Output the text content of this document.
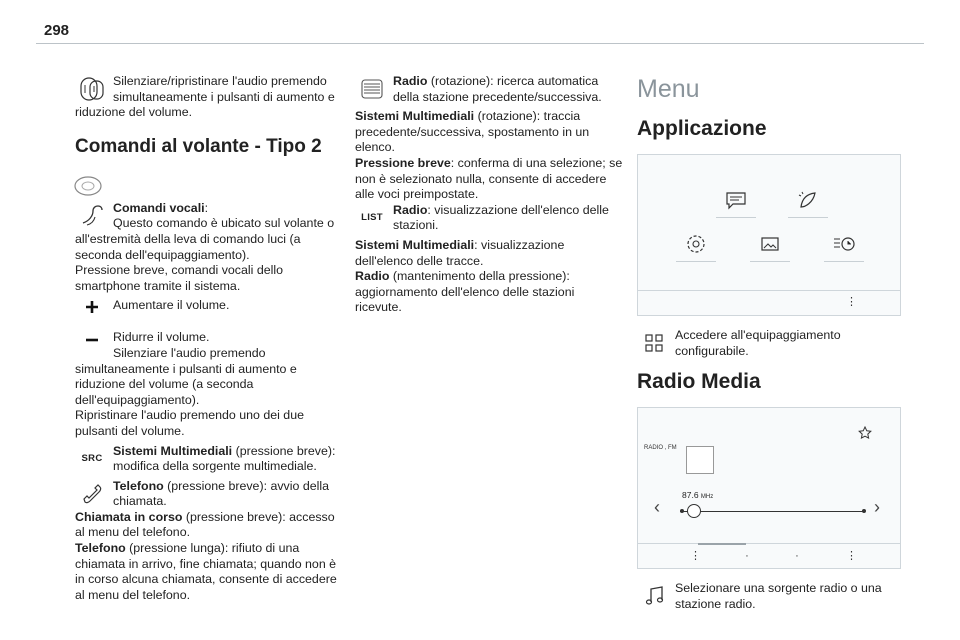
298

Silenziare/ripristinare l'audio premendo simultaneamente i pulsanti di aumento e riduzione del volume.

Comandi al volante - Tipo 2

Comandi vocali:

Questo comando è ubicato sul volante o all'estremità della leva di comando luci (a seconda dell'equipaggiamento).

Pressione breve, comandi vocali dello smartphone tramite il sistema.

Aumentare il volume.

Ridurre il volume.

Silenziare l'audio premendo simultaneamente i pulsanti di aumento e riduzione del volume (a seconda dell'equipaggiamento).

Ripristinare l'audio premendo uno dei due pulsanti del volume.

SRC

Sistemi Multimediali (pressione breve): modifica della sorgente multimediale.

Telefono (pressione breve): avvio della chiamata.

Chiamata in corso (pressione breve): accesso al menu del telefono.

Telefono (pressione lunga): rifiuto di una chiamata in arrivo, fine chiamata; quando non è in corso alcuna chiamata, consente di accedere al menu del telefono.

Radio (rotazione): ricerca automatica della stazione precedente/successiva.

Sistemi Multimediali (rotazione): traccia precedente/successiva, spostamento in un elenco.

Pressione breve: conferma di una selezione; se non è selezionato nulla, consente di accedere alle voci preimpostate.

LIST

Radio: visualizzazione dell'elenco delle stazioni.

Sistemi Multimediali: visualizzazione dell'elenco delle tracce.

Radio (mantenimento della pressione): aggiornamento dell'elenco delle stazioni ricevute.

Menu
Applicazione
⋮

Accedere all'equipaggiamento configurabile.

Radio Media
RADIO , FM
87.6 MHz
‹	›
⋮	·	·	⋮

Selezionare una sorgente radio o una stazione radio.
